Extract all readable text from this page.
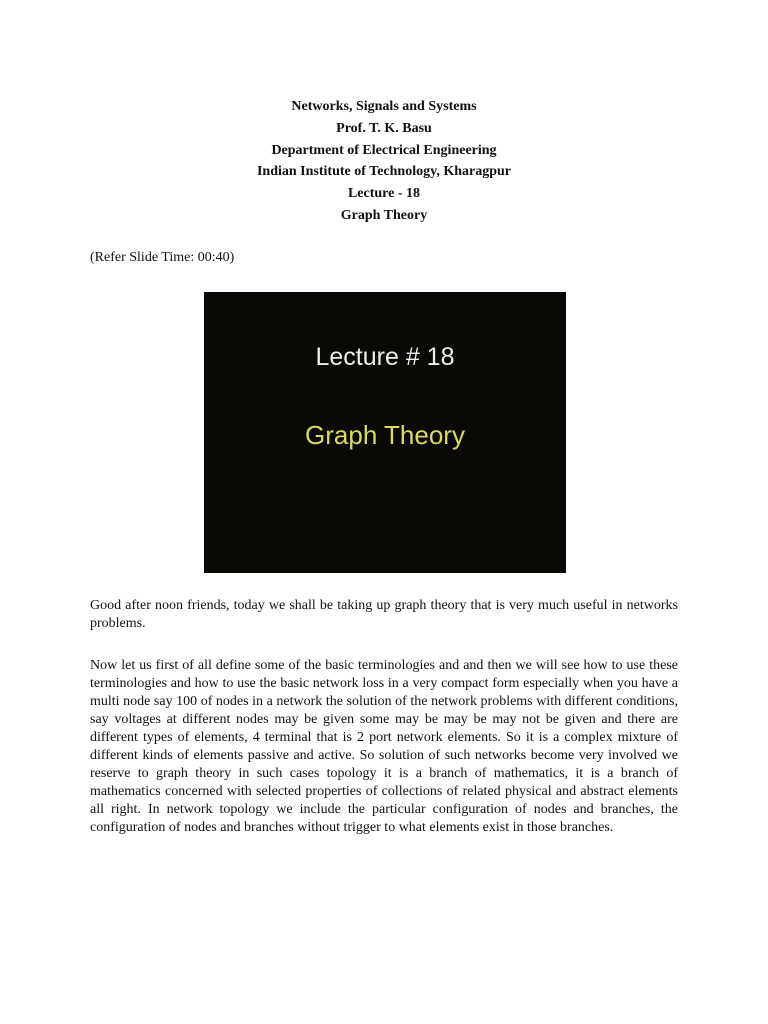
Networks, Signals and Systems
Prof. T. K. Basu
Department of Electrical Engineering
Indian Institute of Technology, Kharagpur
Lecture - 18
Graph Theory
(Refer Slide Time: 00:40)
Lecture # 18
Graph Theory

Good after noon friends, today we shall be taking up graph theory that is very much useful in networks problems.

Now let us first of all define some of the basic terminologies and and then we will see how to use these terminologies and how to use the basic network loss in a very compact form especially when you have a multi node say 100 of nodes in a network the solution of the network problems with different conditions, say voltages at different nodes may be given some may be may be may not be given and there are different types of elements, 4 terminal that is 2 port network elements. So it is a complex mixture of different kinds of elements passive and active. So solution of such networks become very involved we reserve to graph theory in such cases topology it is a branch of mathematics, it is a branch of mathematics concerned with selected properties of collections of related physical and abstract elements all right. In network topology we include the particular configuration of nodes and branches, the configuration of nodes and branches without trigger to what elements exist in those branches.
